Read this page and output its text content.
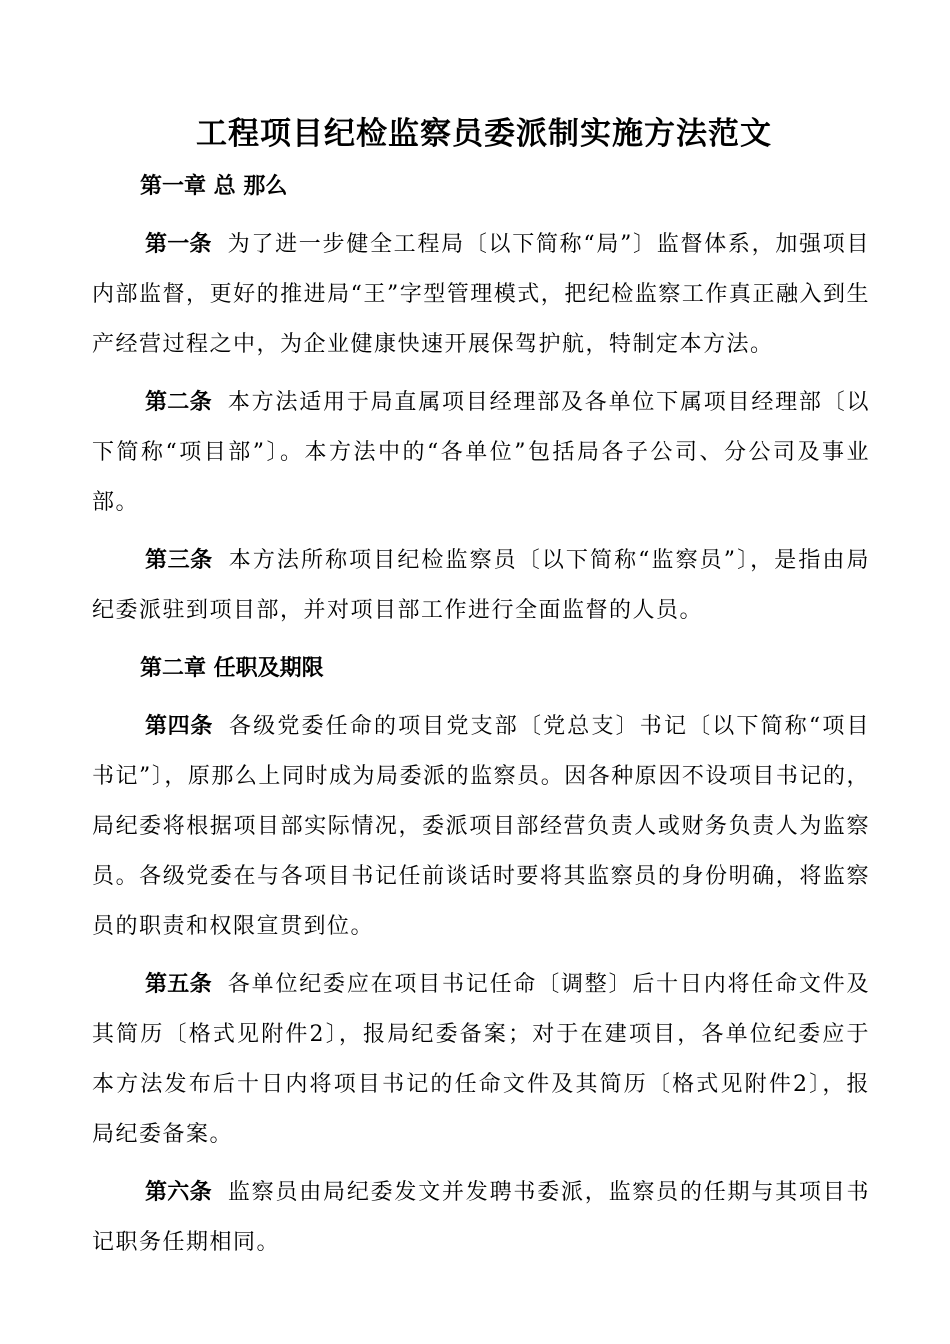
工程项目纪检监察员委派制实施方法范文
第一章 总 那么

第一条 为了进一步健全工程局〔以下简称“局”〕监督体系，加强项目内部监督，更好的推进局“王”字型管理模式，把纪检监察工作真正融入到生产经营过程之中，为企业健康快速开展保驾护航，特制定本方法。

第二条 本方法适用于局直属项目经理部及各单位下属项目经理部〔以下简称“项目部”〕。本方法中的“各单位”包括局各子公司、分公司及事业部。

第三条 本方法所称项目纪检监察员〔以下简称“监察员”〕，是指由局纪委派驻到项目部，并对项目部工作进行全面监督的人员。

第二章 任职及期限

第四条 各级党委任命的项目党支部〔党总支〕书记〔以下简称“项目书记”〕，原那么上同时成为局委派的监察员。因各种原因不设项目书记的，局纪委将根据项目部实际情况，委派项目部经营负责人或财务负责人为监察员。各级党委在与各项目书记任前谈话时要将其监察员的身份明确，将监察员的职责和权限宣贯到位。

第五条 各单位纪委应在项目书记任命〔调整〕后十日内将任命文件及其简历〔格式见附件2〕，报局纪委备案；对于在建项目，各单位纪委应于本方法发布后十日内将项目书记的任命文件及其简历〔格式见附件2〕，报局纪委备案。

第六条 监察员由局纪委发文并发聘书委派，监察员的任期与其项目书记职务任期相同。
